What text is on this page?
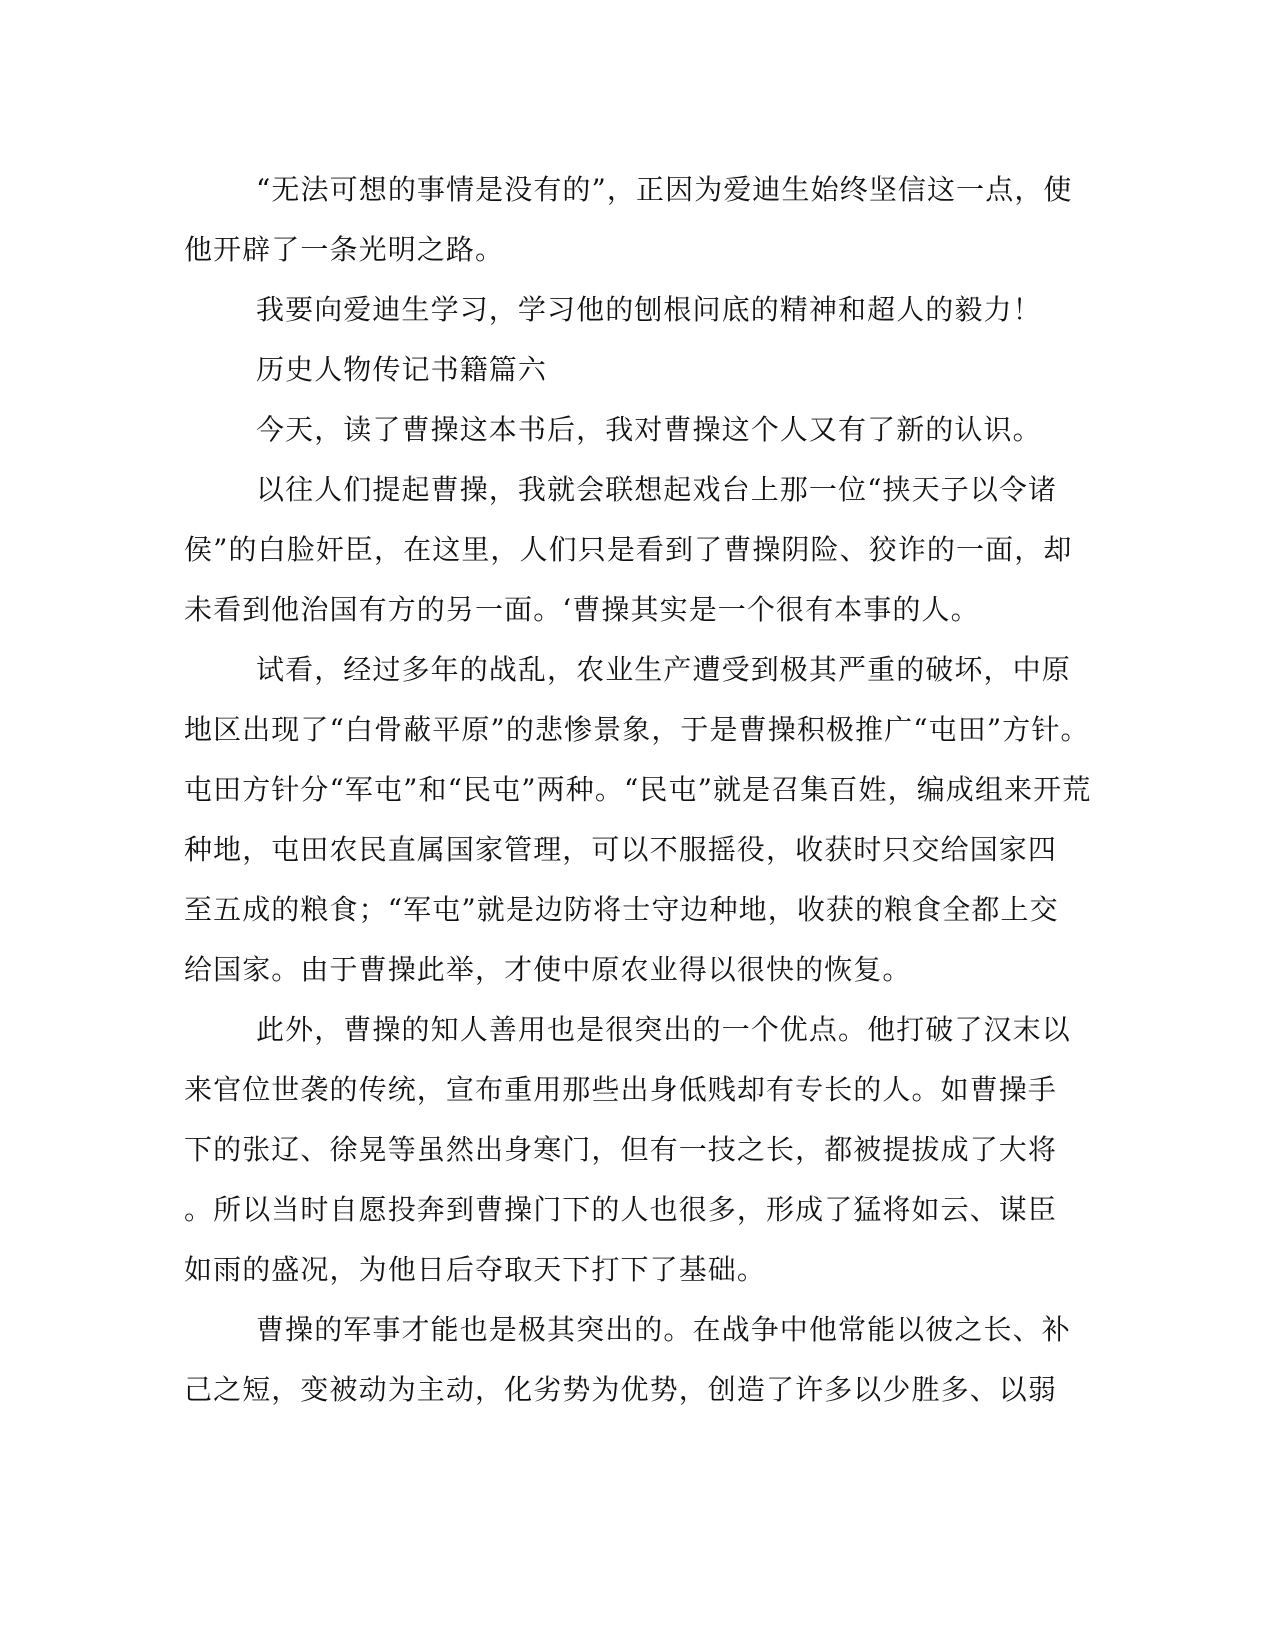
“无法可想的事情是没有的”，正因为爱迪生始终坚信这一点，使
他开辟了一条光明之路。
我要向爱迪生学习，学习他的刨根问底的精神和超人的毅力！
历史人物传记书籍篇六
今天，读了曹操这本书后，我对曹操这个人又有了新的认识。
以往人们提起曹操，我就会联想起戏台上那一位“挟天子以令诸
侯”的白脸奸臣，在这里，人们只是看到了曹操阴险、狡诈的一面，却
未看到他治国有方的另一面。‘曹操其实是一个很有本事的人。
试看，经过多年的战乱，农业生产遭受到极其严重的破坏，中原
地区出现了“白骨蔽平原”的悲惨景象，于是曹操积极推广“屯田”方针。
屯田方针分“军屯”和“民屯”两种。“民屯”就是召集百姓，编成组来开荒
种地，屯田农民直属国家管理，可以不服摇役，收获时只交给国家四
至五成的粮食；“军屯”就是边防将士守边种地，收获的粮食全都上交
给国家。由于曹操此举，才使中原农业得以很快的恢复。
此外，曹操的知人善用也是很突出的一个优点。他打破了汉末以
来官位世袭的传统，宣布重用那些出身低贱却有专长的人。如曹操手
下的张辽、徐晃等虽然出身寒门，但有一技之长，都被提拔成了大将
。所以当时自愿投奔到曹操门下的人也很多，形成了猛将如云、谋臣
如雨的盛况，为他日后夺取天下打下了基础。
曹操的军事才能也是极其突出的。在战争中他常能以彼之长、补
己之短，变被动为主动，化劣势为优势，创造了许多以少胜多、以弱
